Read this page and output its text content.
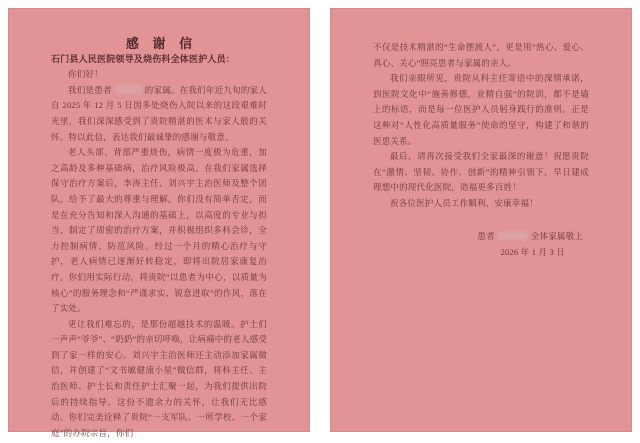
感 谢 信

石门县人民医院领导及烧伤科全体医护人员：

你们好！

我们是患者	的家属。在我们年近九旬的家人自 2025 年 12 月 5 日因多处烧伤入院以来的这段艰难时光里，我们深深感受到了贵院精湛的医术与家人般的关怀。特以此信，表达我们最诚挚的感谢与敬意。

老人头部、背部严重烧伤，病情一度极为危重，加之高龄及多种基础病，治疗风险极高。在我们家属选择保守治疗方案后，李涛主任、刘兴宇主治医师及整个团队，给予了最大的尊重与理解。你们没有简单否定，而是在充分告知和深入沟通的基础上，以高度的专业与担当，制定了周密的治疗方案，并积极组织多科会诊，全力控制病情、防范风险。经过一个月的精心治疗与守护，老人病情已逐渐好转稳定，即将出院居家康复治疗。你们用实际行动，将贵院“以患者为中心，以质量为核心”的服务理念和“严谨求实、锐意进取”的作风，落在了实处。

更让我们难忘的，是那份超越技术的温暖。护士们一声声“爷爷”、“奶奶”的亲切呼唤，让病痛中的老人感受到了家一样的安心。刘兴宇主治医师还主动添加家属微信，并创建了“文书敏健康小星”微信群，将科主任、主治医师、护士长和责任护士汇聚一起，为我们提供出院后的持续指导。这份不遗余力的关怀，让我们无比感动。你们完美诠释了贵院“一支军队、一所学校、一个家庭”的办院宗旨，你们

不仅是技术精湛的“生命摆渡人”，更是用“热心、爱心、真心、关心”照亮患者与家属的亲人。

我们亲眼所见，贵院从科主任寄语中的深情承诺，到医院文化中“施善修德，业精自强”的院训，都不是墙上的标语，而是每一位医护人员躬身践行的准则。正是这种对“人性化高质量服务”使命的坚守，构建了和谐的医患关系。

最后，请再次接受我们全家最深的谢意！祝愿贵院在“激情、坚韧、协作、创新”的精神引领下，早日建成理想中的现代化医院，造福更多百姓！

祝各位医护人员工作顺利，安康幸福！

患者	全体家属敬上
2026 年 1 月 3 日
